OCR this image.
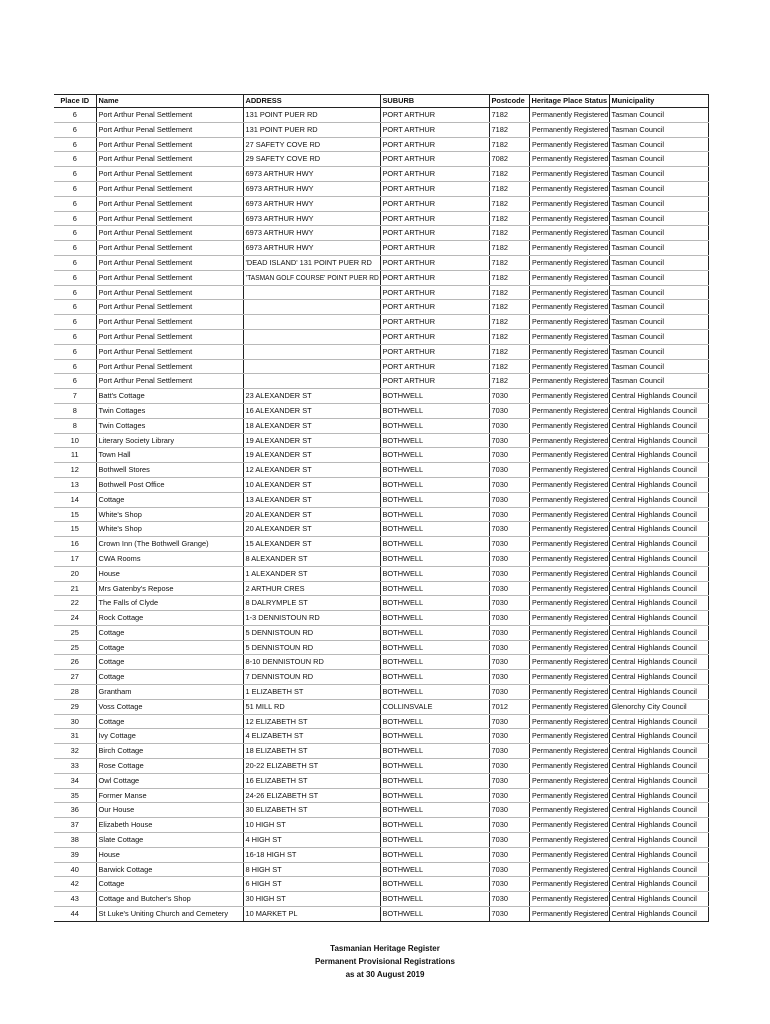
Place ID	Name	ADDRESS	SUBURB	Postcode	Heritage Place Status	Municipality
6	Port Arthur Penal Settlement	131 POINT PUER RD	PORT ARTHUR	7182	Permanently Registered	Tasman Council
6	Port Arthur Penal Settlement	131 POINT PUER RD	PORT ARTHUR	7182	Permanently Registered	Tasman Council
6	Port Arthur Penal Settlement	27 SAFETY COVE RD	PORT ARTHUR	7182	Permanently Registered	Tasman Council
6	Port Arthur Penal Settlement	29 SAFETY COVE RD	PORT ARTHUR	7082	Permanently Registered	Tasman Council
6	Port Arthur Penal Settlement	6973 ARTHUR HWY	PORT ARTHUR	7182	Permanently Registered	Tasman Council
6	Port Arthur Penal Settlement	6973 ARTHUR HWY	PORT ARTHUR	7182	Permanently Registered	Tasman Council
6	Port Arthur Penal Settlement	6973 ARTHUR HWY	PORT ARTHUR	7182	Permanently Registered	Tasman Council
6	Port Arthur Penal Settlement	6973 ARTHUR HWY	PORT ARTHUR	7182	Permanently Registered	Tasman Council
6	Port Arthur Penal Settlement	6973 ARTHUR HWY	PORT ARTHUR	7182	Permanently Registered	Tasman Council
6	Port Arthur Penal Settlement	6973 ARTHUR HWY	PORT ARTHUR	7182	Permanently Registered	Tasman Council
6	Port Arthur Penal Settlement	'DEAD ISLAND' 131 POINT PUER RD	PORT ARTHUR	7182	Permanently Registered	Tasman Council
6	Port Arthur Penal Settlement	'TASMAN GOLF COURSE' POINT PUER RD	PORT ARTHUR	7182	Permanently Registered	Tasman Council
6	Port Arthur Penal Settlement		PORT ARTHUR	7182	Permanently Registered	Tasman Council
6	Port Arthur Penal Settlement		PORT ARTHUR	7182	Permanently Registered	Tasman Council
6	Port Arthur Penal Settlement		PORT ARTHUR	7182	Permanently Registered	Tasman Council
6	Port Arthur Penal Settlement		PORT ARTHUR	7182	Permanently Registered	Tasman Council
6	Port Arthur Penal Settlement		PORT ARTHUR	7182	Permanently Registered	Tasman Council
6	Port Arthur Penal Settlement		PORT ARTHUR	7182	Permanently Registered	Tasman Council
6	Port Arthur Penal Settlement		PORT ARTHUR	7182	Permanently Registered	Tasman Council
7	Batt's Cottage	23 ALEXANDER ST	BOTHWELL	7030	Permanently Registered	Central Highlands Council
8	Twin Cottages	16 ALEXANDER ST	BOTHWELL	7030	Permanently Registered	Central Highlands Council
8	Twin Cottages	18 ALEXANDER ST	BOTHWELL	7030	Permanently Registered	Central Highlands Council
10	Literary Society Library	19 ALEXANDER ST	BOTHWELL	7030	Permanently Registered	Central Highlands Council
11	Town Hall	19 ALEXANDER ST	BOTHWELL	7030	Permanently Registered	Central Highlands Council
12	Bothwell Stores	12 ALEXANDER ST	BOTHWELL	7030	Permanently Registered	Central Highlands Council
13	Bothwell Post Office	10 ALEXANDER ST	BOTHWELL	7030	Permanently Registered	Central Highlands Council
14	Cottage	13 ALEXANDER ST	BOTHWELL	7030	Permanently Registered	Central Highlands Council
15	White's Shop	20 ALEXANDER ST	BOTHWELL	7030	Permanently Registered	Central Highlands Council
15	White's Shop	20 ALEXANDER ST	BOTHWELL	7030	Permanently Registered	Central Highlands Council
16	Crown Inn (The Bothwell Grange)	15 ALEXANDER ST	BOTHWELL	7030	Permanently Registered	Central Highlands Council
17	CWA Rooms	8 ALEXANDER ST	BOTHWELL	7030	Permanently Registered	Central Highlands Council
20	House	1 ALEXANDER ST	BOTHWELL	7030	Permanently Registered	Central Highlands Council
21	Mrs Gatenby's Repose	2 ARTHUR CRES	BOTHWELL	7030	Permanently Registered	Central Highlands Council
22	The Falls of Clyde	8 DALRYMPLE ST	BOTHWELL	7030	Permanently Registered	Central Highlands Council
24	Rock Cottage	1-3 DENNISTOUN RD	BOTHWELL	7030	Permanently Registered	Central Highlands Council
25	Cottage	5 DENNISTOUN RD	BOTHWELL	7030	Permanently Registered	Central Highlands Council
25	Cottage	5 DENNISTOUN RD	BOTHWELL	7030	Permanently Registered	Central Highlands Council
26	Cottage	8-10 DENNISTOUN RD	BOTHWELL	7030	Permanently Registered	Central Highlands Council
27	Cottage	7 DENNISTOUN RD	BOTHWELL	7030	Permanently Registered	Central Highlands Council
28	Grantham	1 ELIZABETH ST	BOTHWELL	7030	Permanently Registered	Central Highlands Council
29	Voss Cottage	51 MILL RD	COLLINSVALE	7012	Permanently Registered	Glenorchy City Council
30	Cottage	12 ELIZABETH ST	BOTHWELL	7030	Permanently Registered	Central Highlands Council
31	Ivy Cottage	4 ELIZABETH ST	BOTHWELL	7030	Permanently Registered	Central Highlands Council
32	Birch Cottage	18 ELIZABETH ST	BOTHWELL	7030	Permanently Registered	Central Highlands Council
33	Rose Cottage	20-22 ELIZABETH ST	BOTHWELL	7030	Permanently Registered	Central Highlands Council
34	Owl Cottage	16 ELIZABETH ST	BOTHWELL	7030	Permanently Registered	Central Highlands Council
35	Former Manse	24-26 ELIZABETH ST	BOTHWELL	7030	Permanently Registered	Central Highlands Council
36	Our House	30 ELIZABETH ST	BOTHWELL	7030	Permanently Registered	Central Highlands Council
37	Elizabeth House	10 HIGH ST	BOTHWELL	7030	Permanently Registered	Central Highlands Council
38	Slate Cottage	4 HIGH ST	BOTHWELL	7030	Permanently Registered	Central Highlands Council
39	House	16-18 HIGH ST	BOTHWELL	7030	Permanently Registered	Central Highlands Council
40	Barwick Cottage	8 HIGH ST	BOTHWELL	7030	Permanently Registered	Central Highlands Council
42	Cottage	6 HIGH ST	BOTHWELL	7030	Permanently Registered	Central Highlands Council
43	Cottage and Butcher's Shop	30 HIGH ST	BOTHWELL	7030	Permanently Registered	Central Highlands Council
44	St Luke's Uniting Church and Cemetery	10 MARKET PL	BOTHWELL	7030	Permanently Registered	Central Highlands Council
Tasmanian Heritage Register
Permanent Provisional Registrations
as at 30 August 2019
